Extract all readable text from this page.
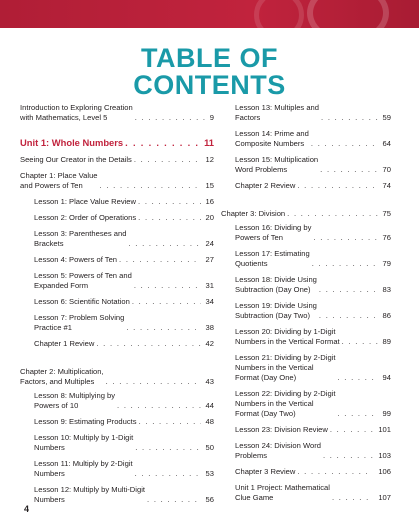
TABLE OF
CONTENTS
Introduction to Exploring Creation
with Mathematics, Level 5 . . .	9
Unit 1: Whole Numbers . . .	11
Seeing Our Creator in the Details . . .	12
Chapter 1: Place Value
and Powers of Ten . . .	15
Lesson 1: Place Value Review . . .	16
Lesson 2: Order of Operations . . .	20
Lesson 3: Parentheses and
Brackets . . .	24
Lesson 4: Powers of Ten . . .	27
Lesson 5: Powers of Ten and
Expanded Form . . .	31
Lesson 6: Scientific Notation . . .	34
Lesson 7: Problem Solving
Practice #1 . . .	38
Chapter 1 Review . . .	42
Chapter 2: Multiplication,
Factors, and Multiples . . .	43
Lesson 8: Multiplying by
Powers of 10 . . .	44
Lesson 9: Estimating Products . . .	48
Lesson 10: Multiply by 1-Digit
Numbers . . .	50
Lesson 11: Multiply by 2-Digit
Numbers . . .	53
Lesson 12: Multiply by Multi-Digit
Numbers . . .	56
Lesson 13: Multiples and
Factors . . .	59
Lesson 14: Prime and
Composite Numbers . . .	64
Lesson 15: Multiplication
Word Problems . . .	70
Chapter 2 Review . . .	74
Chapter 3: Division . . .	75
Lesson 16: Dividing by
Powers of Ten . . .	76
Lesson 17: Estimating
Quotients . . .	79
Lesson 18: Divide Using
Subtraction (Day One) . . .	83
Lesson 19: Divide Using
Subtraction (Day Two) . . .	86
Lesson 20: Dividing by 1-Digit
Numbers in the Vertical Format . . .	89
Lesson 21: Dividing by 2-Digit
Numbers in the Vertical
Format (Day One) . . .	94
Lesson 22: Dividing by 2-Digit
Numbers in the Vertical
Format (Day Two) . . .	99
Lesson 23: Division Review . . .	101
Lesson 24: Division Word
Problems . . .	103
Chapter 3 Review . . .	106
Unit 1 Project: Mathematical
Clue Game . . .	107
4
